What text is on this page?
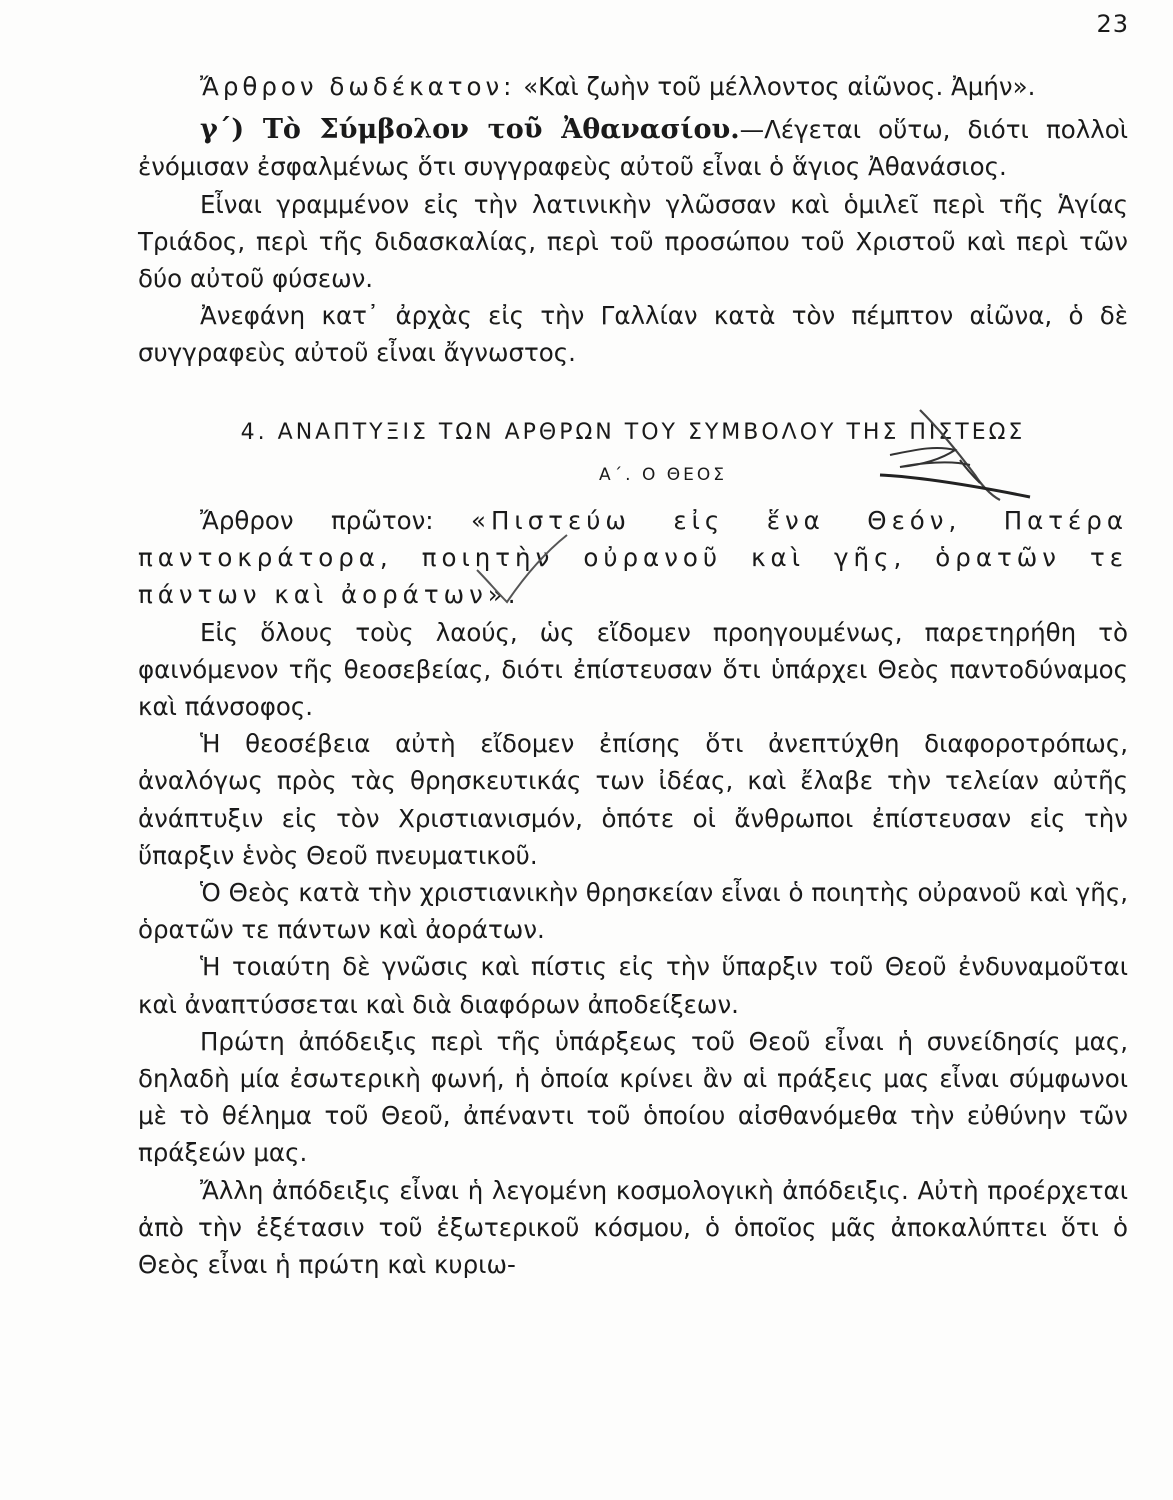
23

Ἄρθρον δωδέκατον: «Καὶ ζωὴν τοῦ μέλλοντος αἰῶνος. Ἀμήν».

γ΄) Τὸ Σύμβολον τοῦ Ἀθανασίου.—Λέγεται οὕτω, διότι πολλοὶ ἐνόμισαν ἐσφαλμένως ὅτι συγγραφεὺς αὐτοῦ εἶναι ὁ ἅγιος Ἀθανάσιος.

Εἶναι γραμμένον εἰς τὴν λατινικὴν γλῶσσαν καὶ ὁμιλεῖ περὶ τῆς Ἁγίας Τριάδος, περὶ τῆς διδασκαλίας, περὶ τοῦ προσώπου τοῦ Χριστοῦ καὶ περὶ τῶν δύο αὐτοῦ φύσεων.

Ἀνεφάνη κατ᾽ ἀρχὰς εἰς τὴν Γαλλίαν κατὰ τὸν πέμπτον αἰῶνα, ὁ δὲ συγγραφεὺς αὐτοῦ εἶναι ἄγνωστος.

4. ΑΝΑΠΤΥΞΙΣ ΤΩΝ ΑΡΘΡΩΝ ΤΟΥ ΣΥΜΒΟΛΟΥ ΤΗΣ ΠΙΣΤΕΩΣ
Α΄. Ο ΘΕΟΣ

Ἄρθρον πρῶτον: «Πιστεύω εἰς ἕνα Θεόν, Πατέρα παντοκράτορα, ποιητὴν οὐρανοῦ καὶ γῆς, ὁρατῶν τε πάντων καὶ ἀοράτων».

Εἰς ὅλους τοὺς λαούς, ὡς εἴδομεν προηγουμένως, παρετηρήθη τὸ φαινόμενον τῆς θεοσεβείας, διότι ἐπίστευσαν ὅτι ὑπάρχει Θεὸς παντοδύναμος καὶ πάνσοφος.

Ἡ θεοσέβεια αὐτὴ εἴδομεν ἐπίσης ὅτι ἀνεπτύχθη διαφοροτρόπως, ἀναλόγως πρὸς τὰς θρησκευτικάς των ἰδέας, καὶ ἔλαβε τὴν τελείαν αὐτῆς ἀνάπτυξιν εἰς τὸν Χριστιανισμόν, ὁπότε οἱ ἄνθρωποι ἐπίστευσαν εἰς τὴν ὕπαρξιν ἑνὸς Θεοῦ πνευματικοῦ.

Ὁ Θεὸς κατὰ τὴν χριστιανικὴν θρησκείαν εἶναι ὁ ποιητὴς οὐρανοῦ καὶ γῆς, ὁρατῶν τε πάντων καὶ ἀοράτων.

Ἡ τοιαύτη δὲ γνῶσις καὶ πίστις εἰς τὴν ὕπαρξιν τοῦ Θεοῦ ἐνδυναμοῦται καὶ ἀναπτύσσεται καὶ διὰ διαφόρων ἀποδείξεων.

Πρώτη ἀπόδειξις περὶ τῆς ὑπάρξεως τοῦ Θεοῦ εἶναι ἡ συνείδησίς μας, δηλαδὴ μία ἐσωτερικὴ φωνή, ἡ ὁποία κρίνει ἂν αἱ πράξεις μας εἶναι σύμφωνοι μὲ τὸ θέλημα τοῦ Θεοῦ, ἀπέναντι τοῦ ὁποίου αἰσθανόμεθα τὴν εὐθύνην τῶν πράξεών μας.

Ἄλλη ἀπόδειξις εἶναι ἡ λεγομένη κοσμολογικὴ ἀπόδειξις. Αὐτὴ προέρχεται ἀπὸ τὴν ἐξέτασιν τοῦ ἐξωτερικοῦ κόσμου, ὁ ὁποῖος μᾶς ἀποκαλύπτει ὅτι ὁ Θεὸς εἶναι ἡ πρώτη καὶ κυριω-
